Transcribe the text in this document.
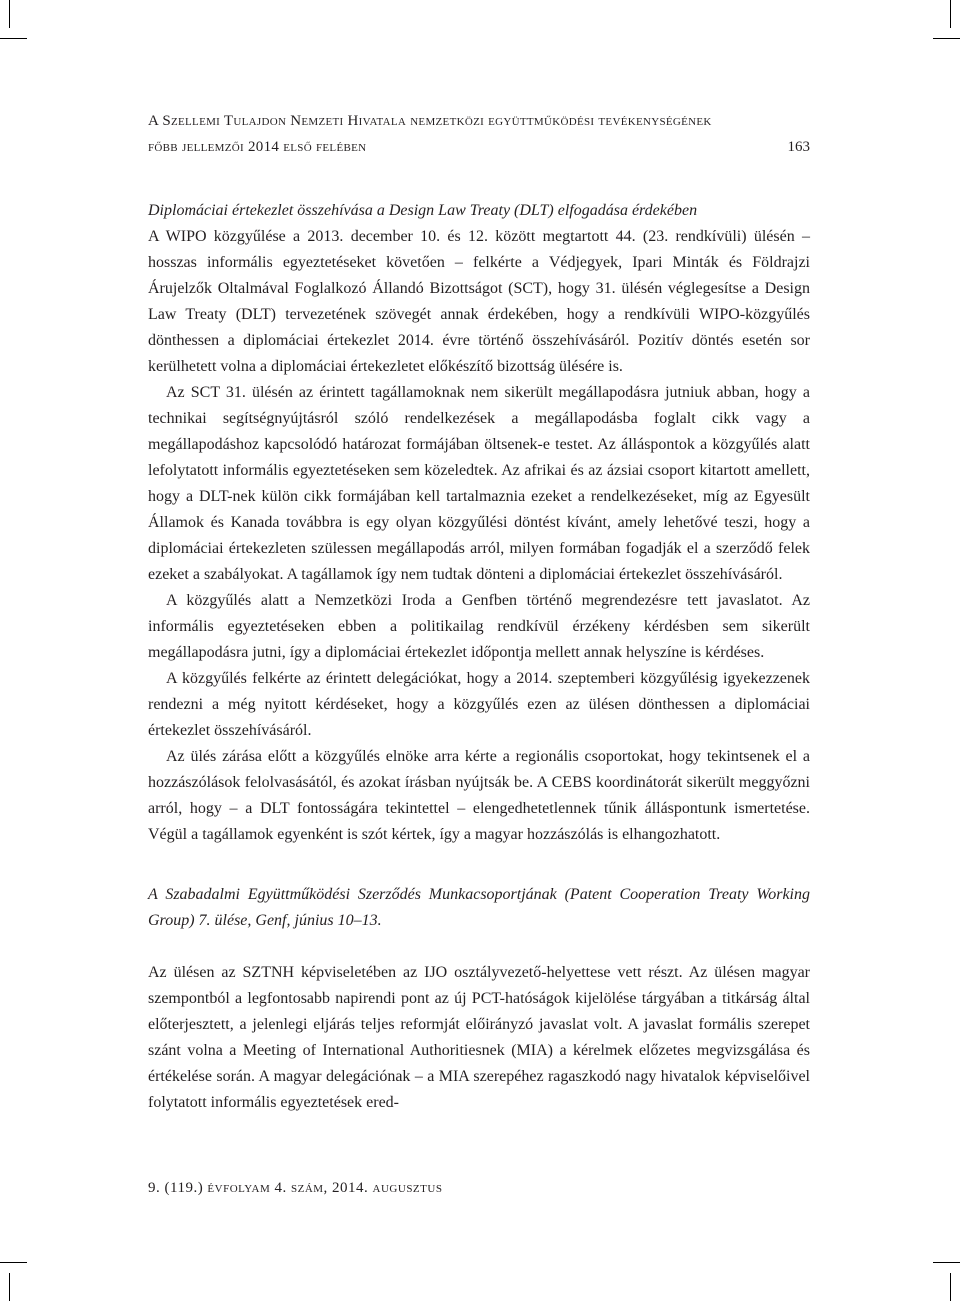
A Szellemi Tulajdon Nemzeti Hivatala nemzetközi együttműködési tevékenységének
főbb jellemzői 2014 első felében	163
Diplomáciai értekezlet összehívása a Design Law Treaty (DLT) elfogadása érdekében

A WIPO közgyűlése a 2013. december 10. és 12. között megtartott 44. (23. rendkívüli) ülésén – hosszas informális egyeztetéseket követően – felkérte a Védjegyek, Ipari Minták és Földrajzi Árujelzők Oltalmával Foglalkozó Állandó Bizottságot (SCT), hogy 31. ülésén véglegesítse a Design Law Treaty (DLT) tervezetének szövegét annak érdekében, hogy a rendkívüli WIPO-közgyűlés dönthessen a diplomáciai értekezlet 2014. évre történő összehívásáról. Pozitív döntés esetén sor kerülhetett volna a diplomáciai értekezletet előkészítő bizottság ülésére is.

Az SCT 31. ülésén az érintett tagállamoknak nem sikerült megállapodásra jutniuk abban, hogy a technikai segítségnyújtásról szóló rendelkezések a megállapodásba foglalt cikk vagy a megállapodáshoz kapcsolódó határozat formájában öltsenek-e testet. Az álláspontok a közgyűlés alatt lefolytatott informális egyeztetéseken sem közeledtek. Az afrikai és az ázsiai csoport kitartott amellett, hogy a DLT-nek külön cikk formájában kell tartalmaznia ezeket a rendelkezéseket, míg az Egyesült Államok és Kanada továbbra is egy olyan közgyűlési döntést kívánt, amely lehetővé teszi, hogy a diplomáciai értekezleten szülessen megállapodás arról, milyen formában fogadják el a szerződő felek ezeket a szabályokat. A tagállamok így nem tudtak dönteni a diplomáciai értekezlet összehívásáról.

A közgyűlés alatt a Nemzetközi Iroda a Genfben történő megrendezésre tett javaslatot. Az informális egyeztetéseken ebben a politikailag rendkívül érzékeny kérdésben sem sikerült megállapodásra jutni, így a diplomáciai értekezlet időpontja mellett annak helyszíne is kérdéses.

A közgyűlés felkérte az érintett delegációkat, hogy a 2014. szeptemberi közgyűlésig igyekezzenek rendezni a még nyitott kérdéseket, hogy a közgyűlés ezen az ülésen dönthessen a diplomáciai értekezlet összehívásáról.

Az ülés zárása előtt a közgyűlés elnöke arra kérte a regionális csoportokat, hogy tekintsenek el a hozzászólások felolvasásától, és azokat írásban nyújtsák be. A CEBS koordinátorát sikerült meggyőzni arról, hogy – a DLT fontosságára tekintettel – elengedhetetlennek tűnik álláspontunk ismertetése. Végül a tagállamok egyenként is szót kértek, így a magyar hozzászólás is elhangozhatott.

A Szabadalmi Együttműködési Szerződés Munkacsoportjának (Patent Cooperation Treaty Working Group) 7. ülése, Genf, június 10–13.

Az ülésen az SZTNH képviseletében az IJO osztályvezető-helyettese vett részt. Az ülésen magyar szempontból a legfontosabb napirendi pont az új PCT-hatóságok kijelölése tárgyában a titkárság által előterjesztett, a jelenlegi eljárás teljes reformját előirányzó javaslat volt. A javaslat formális szerepet szánt volna a Meeting of International Authoritiesnek (MIA) a kérelmek előzetes megvizsgálása és értékelése során. A magyar delegációnak – a MIA szerepéhez ragaszkodó nagy hivatalok képviselőivel folytatott informális egyeztetések ered-

9. (119.) évfolyam 4. szám, 2014. augusztus
